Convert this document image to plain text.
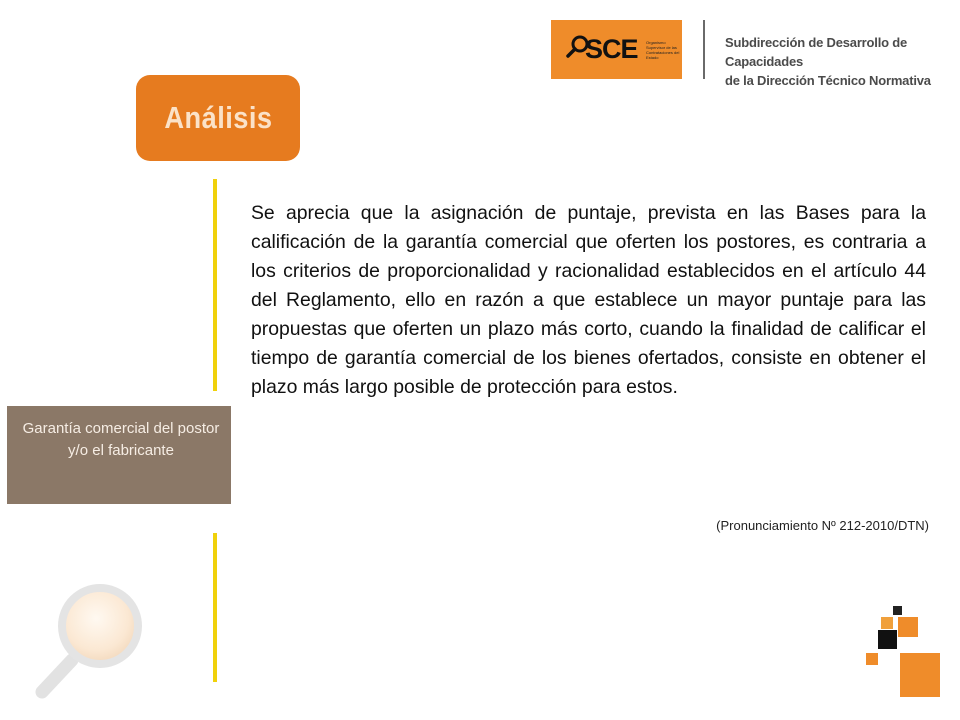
SCE Organismo Supervisor de las Contrataciones del Estado
Subdirección de Desarrollo de Capacidades
de la Dirección Técnico Normativa
Análisis
Garantía comercial del postor y/o el fabricante
Se aprecia que la asignación de puntaje, prevista en las Bases para la calificación de la garantía comercial que oferten los postores, es contraria a los criterios de proporcionalidad y racionalidad establecidos en el artículo 44 del Reglamento, ello en razón a que establece un mayor puntaje para las propuestas que oferten un plazo más corto, cuando la finalidad de calificar el tiempo de garantía comercial de los bienes ofertados, consiste en obtener el plazo más largo posible de protección para estos.
(Pronunciamiento Nº 212-2010/DTN)
